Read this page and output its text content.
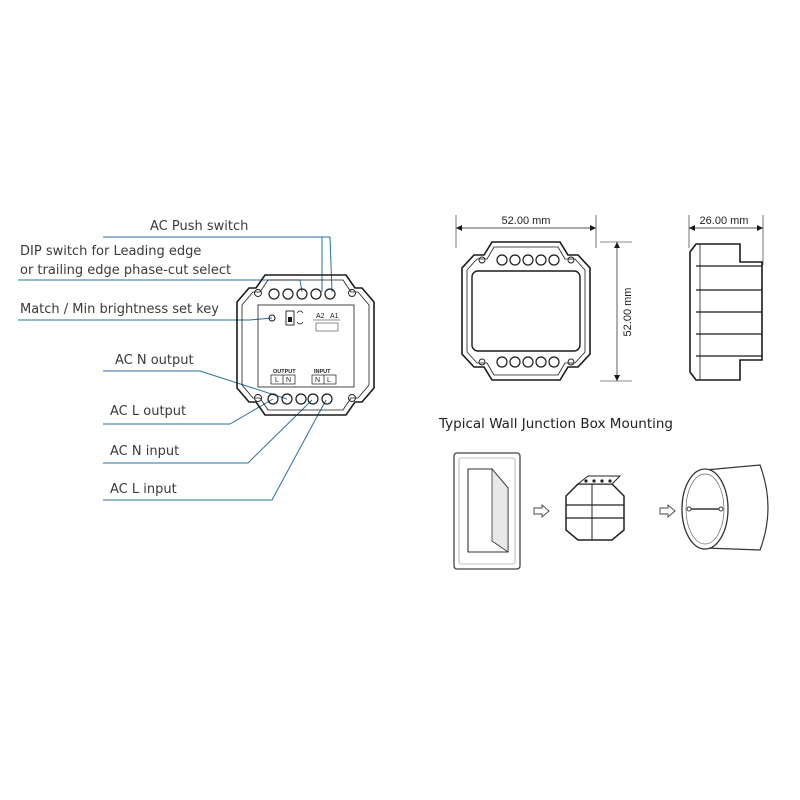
AC Push switch
DIP switch for Leading edge
or trailing edge phase-cut select
Match / Min brightness set key
AC N output
AC L output
AC N input
AC L input
A2 A1
OUTPUT
L N
INPUT
N L
52.00 mm
52.00 mm
26.00 mm
Typical Wall Junction Box Mounting
